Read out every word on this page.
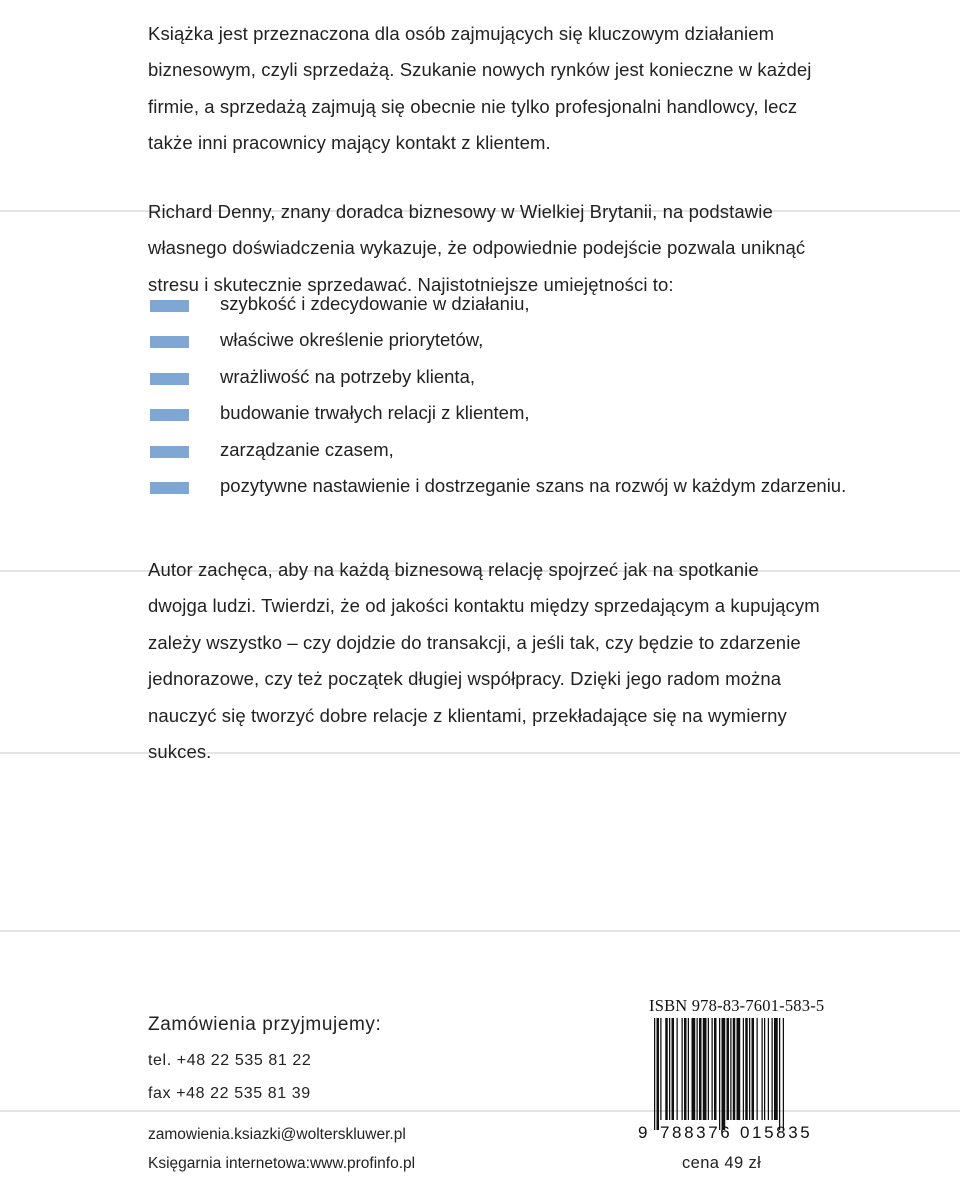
Książka jest przeznaczona dla osób zajmujących się kluczowym działaniem biznesowym, czyli sprzedażą. Szukanie nowych rynków jest konieczne w każdej firmie, a sprzedażą zajmują się obecnie nie tylko profesjonalni handlowcy, lecz także inni pracownicy mający kontakt z klientem.

Richard Denny, znany doradca biznesowy w Wielkiej Brytanii, na podstawie własnego doświadczenia wykazuje, że odpowiednie podejście pozwala uniknąć stresu i skutecznie sprzedawać. Najistotniejsze umiejętności to:

szybkość i zdecydowanie w działaniu,
właściwe określenie priorytetów,
wrażliwość na potrzeby klienta,
budowanie trwałych relacji z klientem,
zarządzanie czasem,
pozytywne nastawienie i dostrzeganie szans na rozwój w każdym zdarzeniu.

Autor zachęca, aby na każdą biznesową relację spojrzeć jak na spotkanie dwojga ludzi. Twierdzi, że od jakości kontaktu między sprzedającym a kupującym zależy wszystko – czy dojdzie do transakcji, a jeśli tak, czy będzie to zdarzenie jednorazowe, czy też początek długiej współpracy. Dzięki jego radom można nauczyć się tworzyć dobre relacje z klientami, przekładające się na wymierny sukces.

Zamówienia przyjmujemy:
tel. +48 22 535 81 22
fax +48 22 535 81 39
zamowienia.ksiazki@wolterskluwer.pl
Księgarnia internetowa:www.profinfo.pl
ISBN 978-83-7601-583-5
9 788376 015835
cena 49 zł
